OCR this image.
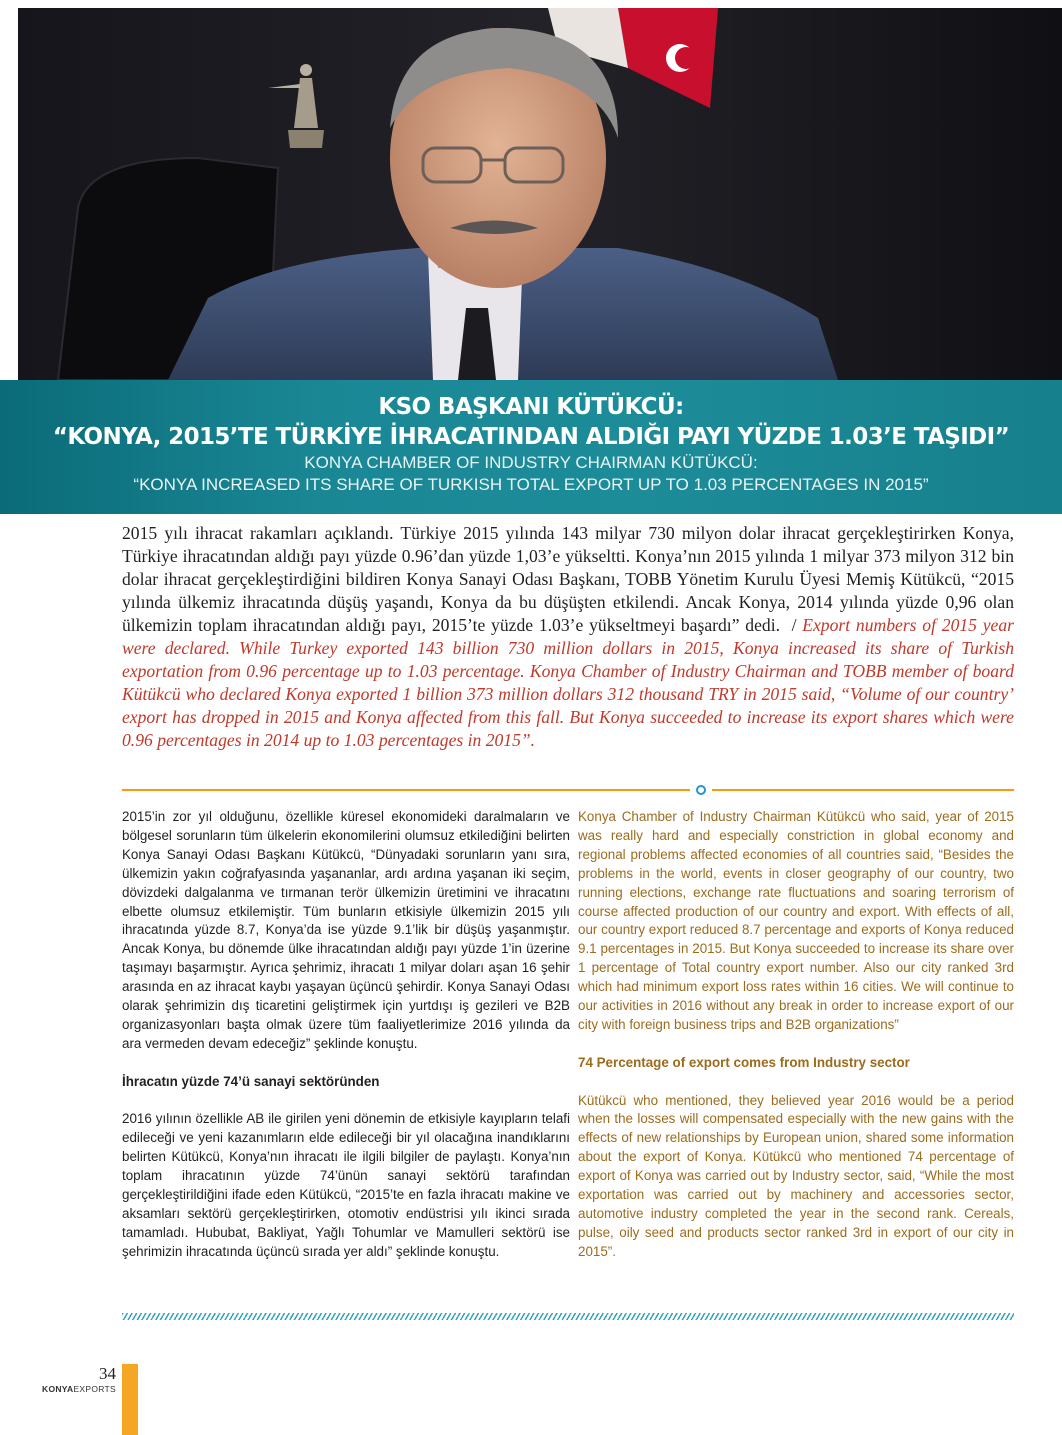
KSO BAŞKANI KÜTÜKCÜ:
“KONYA, 2015’TE TÜRKİYE İHRACATINDAN ALDIĞI PAYI YÜZDE 1.03’E TAŞIDI”
KONYA CHAMBER OF INDUSTRY CHAIRMAN KÜTÜKCÜ:
“KONYA INCREASED ITS SHARE OF TURKISH TOTAL EXPORT UP TO 1.03 PERCENTAGES IN 2015”
2015 yılı ihracat rakamları açıklandı. Türkiye 2015 yılında 143 milyar 730 milyon dolar ihracat gerçekleştirirken Konya, Türkiye ihracatından aldığı payı yüzde 0.96’dan yüzde 1,03’e yükseltti. Konya’nın 2015 yılında 1 milyar 373 milyon 312 bin dolar ihracat gerçekleştirdiğini bildiren Konya Sanayi Odası Başkanı, TOBB Yönetim Kurulu Üyesi Memiş Kütükcü, “2015 yılında ülkemiz ihracatında düşüş yaşandı, Konya da bu düşüşten etkilendi. Ancak Konya, 2014 yılında yüzde 0,96 olan ülkemizin toplam ihracatından aldığı payı, 2015’te yüzde 1.03’e yükseltmeyi başardı” dedi. / Export numbers of 2015 year were declared. While Turkey exported 143 billion 730 million dollars in 2015, Konya increased its share of Turkish exportation from 0.96 percentage up to 1.03 percentage. Konya Chamber of Industry Chairman and TOBB member of board Kütükcü who declared Konya exported 1 billion 373 million dollars 312 thousand TRY in 2015 said, “Volume of our country’ export has dropped in 2015 and Konya affected from this fall. But Konya succeeded to increase its export shares which were 0.96 percentages in 2014 up to 1.03 percentages in 2015”.

2015’in zor yıl olduğunu, özellikle küresel ekonomideki daralmaların ve bölgesel sorunların tüm ülkelerin ekonomilerini olumsuz etkilediğini belirten Konya Sanayi Odası Başkanı Kütükcü, “Dünyadaki sorunların yanı sıra, ülkemizin yakın coğrafyasında yaşananlar, ardı ardına yaşanan iki seçim, dövizdeki dalgalanma ve tırmanan terör ülkemizin üretimini ve ihracatını elbette olumsuz etkilemiştir. Tüm bunların etkisiyle ülkemizin 2015 yılı ihracatında yüzde 8.7, Konya’da ise yüzde 9.1’lik bir düşüş yaşanmıştır. Ancak Konya, bu dönemde ülke ihracatından aldığı payı yüzde 1’in üzerine taşımayı başarmıştır. Ayrıca şehrimiz, ihracatı 1 milyar doları aşan 16 şehir arasında en az ihracat kaybı yaşayan üçüncü şehirdir. Konya Sanayi Odası olarak şehrimizin dış ticaretini geliştirmek için yurtdışı iş gezileri ve B2B organizasyonları başta olmak üzere tüm faaliyetlerimize 2016 yılında da ara vermeden devam edeceğiz” şeklinde konuştu.

İhracatın yüzde 74’ü sanayi sektöründen

2016 yılının özellikle AB ile girilen yeni dönemin de etkisiyle kayıpların telafi edileceği ve yeni kazanımların elde edileceği bir yıl olacağına inandıklarını belirten Kütükcü, Konya’nın ihracatı ile ilgili bilgiler de paylaştı. Konya’nın toplam ihracatının yüzde 74’ünün sanayi sektörü tarafından gerçekleştirildiğini ifade eden Kütükcü, “2015’te en fazla ihracatı makine ve aksamları sektörü gerçekleştirirken, otomotiv endüstrisi yılı ikinci sırada tamamladı. Hububat, Bakliyat, Yağlı Tohumlar ve Mamulleri sektörü ise şehrimizin ihracatında üçüncü sırada yer aldı” şeklinde konuştu.

Konya Chamber of Industry Chairman Kütükcü who said, year of 2015 was really hard and especially constriction in global economy and regional problems affected economies of all countries said, “Besides the problems in the world, events in closer geography of our country, two running elections, exchange rate fluctuations and soaring terrorism of course affected production of our country and export. With effects of all, our country export reduced 8.7 percentage and exports of Konya reduced 9.1 percentages in 2015. But Konya succeeded to increase its share over 1 percentage of Total country export number. Also our city ranked 3rd which had minimum export loss rates within 16 cities. We will continue to our activities in 2016 without any break in order to increase export of our city with foreign business trips and B2B organizations”

74 Percentage of export comes from Industry sector

Kütükcü who mentioned, they believed year 2016 would be a period when the losses will compensated especially with the new gains with the effects of new relationships by European union, shared some information about the export of Konya. Kütükcü who mentioned 74 percentage of export of Konya was carried out by Industry sector, said, “While the most exportation was carried out by machinery and accessories sector, automotive industry completed the year in the second rank. Cereals, pulse, oily seed and products sector ranked 3rd in export of our city in 2015”.

34
KONYAEXPORTS
